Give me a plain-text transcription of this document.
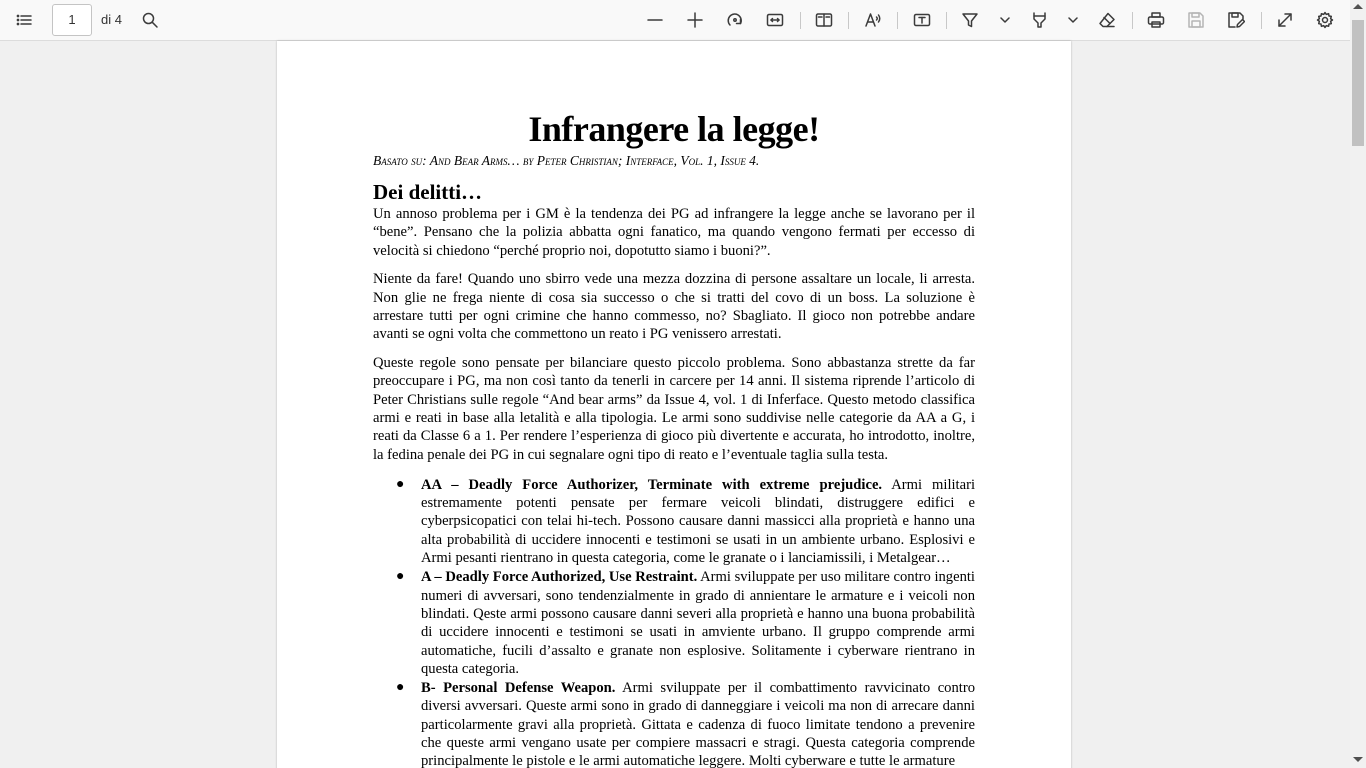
1	di 4
Infrangere la legge!
Basato su: And Bear Arms… by Peter Christian; Interface, Vol. 1, Issue 4.
Dei delitti…

Un annoso problema per i GM è la tendenza dei PG ad infrangere la legge anche se lavorano per il “bene”. Pensano che la polizia abbatta ogni fanatico, ma quando vengono fermati per eccesso di velocità si chiedono “perché proprio noi, dopotutto siamo i buoni?”.

Niente da fare! Quando uno sbirro vede una mezza dozzina di persone assaltare un locale, li arresta. Non glie ne frega niente di cosa sia successo o che si tratti del covo di un boss. La soluzione è arrestare tutti per ogni crimine che hanno commesso, no? Sbagliato. Il gioco non potrebbe andare avanti se ogni volta che commettono un reato i PG venissero arrestati.

Queste regole sono pensate per bilanciare questo piccolo problema. Sono abbastanza strette da far preoccupare i PG, ma non così tanto da tenerli in carcere per 14 anni. Il sistema riprende l’articolo di Peter Christians sulle regole “And bear arms” da Issue 4, vol. 1 di Inferface. Questo metodo classifica armi e reati in base alla letalità e alla tipologia. Le armi sono suddivise nelle categorie da AA a G, i reati da Classe 6 a 1. Per rendere l’esperienza di gioco più divertente e accurata, ho introdotto, inoltre, la fedina penale dei PG in cui segnalare ogni tipo di reato e l’eventuale taglia sulla testa.

● AA – Deadly Force Authorizer, Terminate with extreme prejudice. Armi militari estremamente potenti pensate per fermare veicoli blindati, distruggere edifici e cyberpsicopatici con telai hi-tech. Possono causare danni massicci alla proprietà e hanno una alta probabilità di uccidere innocenti e testimoni se usati in un ambiente urbano. Esplosivi e Armi pesanti rientrano in questa categoria, come le granate o i lanciamissili, i Metalgear…
● A – Deadly Force Authorized, Use Restraint. Armi sviluppate per uso militare contro ingenti numeri di avversari, sono tendenzialmente in grado di annientare le armature e i veicoli non blindati. Qeste armi possono causare danni severi alla proprietà e hanno una buona probabilità di uccidere innocenti e testimoni se usati in amviente urbano. Il gruppo comprende armi automatiche, fucili d’assalto e granate non esplosive. Solitamente i cyberware rientrano in questa categoria.
● B- Personal Defense Weapon. Armi sviluppate per il combattimento ravvicinato contro diversi avversari. Queste armi sono in grado di danneggiare i veicoli ma non di arrecare danni particolarmente gravi alla proprietà. Gittata e cadenza di fuoco limitate tendono a prevenire che queste armi vengano usate per compiere massacri e stragi. Questa categoria comprende principalmente le pistole e le armi automatiche leggere. Molti cyberware e tutte le armature
